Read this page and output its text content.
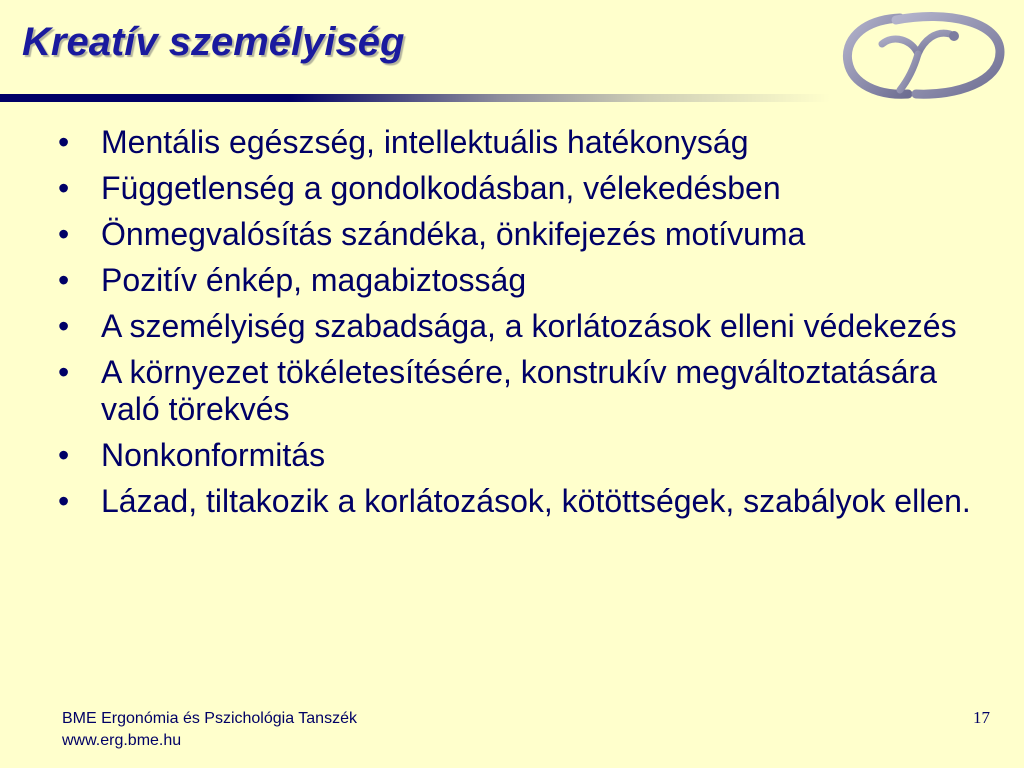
Kreatív személyiség
• Mentális egészség, intellektuális hatékonyság
• Függetlenség a gondolkodásban, vélekedésben
• Önmegvalósítás szándéka, önkifejezés motívuma
• Pozitív énkép, magabiztosság
• A személyiség szabadsága, a korlátozások elleni védekezés
• A környezet tökéletesítésére, konstrukív megváltoztatására való törekvés
• Nonkonformitás
• Lázad, tiltakozik a korlátozások, kötöttségek, szabályok ellen.
BME Ergonómia és Pszichológia Tanszék
www.erg.bme.hu
17
